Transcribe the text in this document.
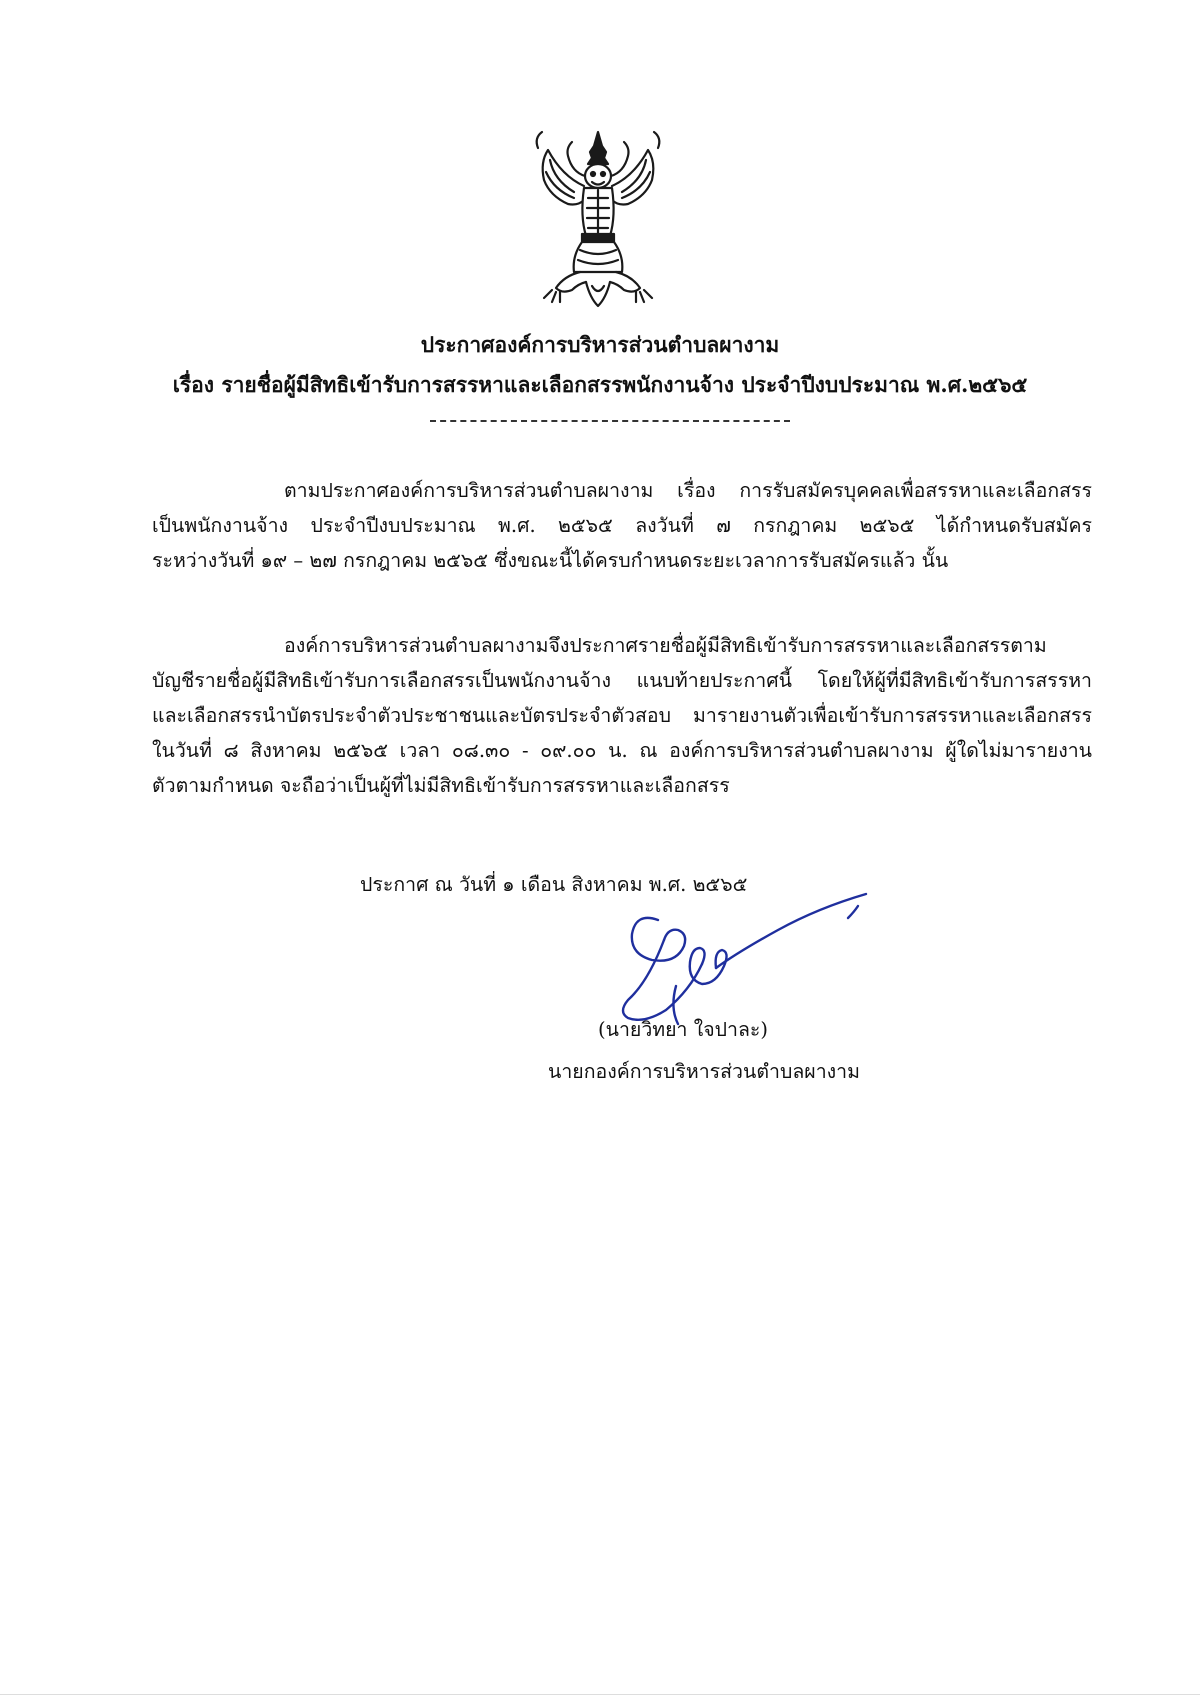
ประกาศองค์การบริหารส่วนตำบลผางาม
เรื่อง รายชื่อผู้มีสิทธิเข้ารับการสรรหาและเลือกสรรพนักงานจ้าง ประจำปีงบประมาณ พ.ศ.๒๕๖๕
ตามประกาศองค์การบริหารส่วนตำบลผางาม เรื่อง การรับสมัครบุคคลเพื่อสรรหาและเลือกสรร
เป็นพนักงานจ้าง ประจำปีงบประมาณ พ.ศ. ๒๕๖๕ ลงวันที่ ๗ กรกฎาคม ๒๕๖๕ ได้กำหนดรับสมัคร
ระหว่างวันที่ ๑๙ – ๒๗ กรกฎาคม ๒๕๖๕ ซึ่งขณะนี้ได้ครบกำหนดระยะเวลาการรับสมัครแล้ว นั้น
องค์การบริหารส่วนตำบลผางามจึงประกาศรายชื่อผู้มีสิทธิเข้ารับการสรรหาและเลือกสรรตาม
บัญชีรายชื่อผู้มีสิทธิเข้ารับการเลือกสรรเป็นพนักงานจ้าง แนบท้ายประกาศนี้ โดยให้ผู้ที่มีสิทธิเข้ารับการสรรหา
และเลือกสรรนำบัตรประจำตัวประชาชนและบัตรประจำตัวสอบ มารายงานตัวเพื่อเข้ารับการสรรหาและเลือกสรร
ในวันที่ ๘ สิงหาคม ๒๕๖๕ เวลา ๐๘.๓๐ - ๐๙.๐๐ น. ณ องค์การบริหารส่วนตำบลผางาม ผู้ใดไม่มารายงาน
ตัวตามกำหนด จะถือว่าเป็นผู้ที่ไม่มีสิทธิเข้ารับการสรรหาและเลือกสรร
ประกาศ ณ วันที่ ๑ เดือน สิงหาคม พ.ศ. ๒๕๖๕
(นายวิทยา ใจปาละ)
นายกองค์การบริหารส่วนตำบลผางาม
